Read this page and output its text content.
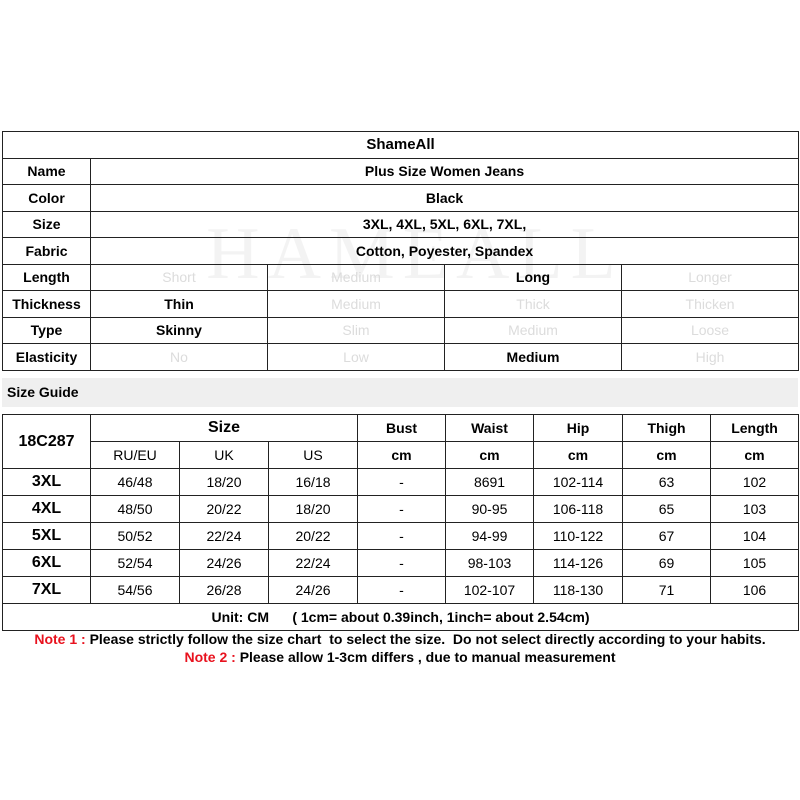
ShameAll				
Name	Plus Size Women Jeans			
Color	Black			
Size	3XL, 4XL, 5XL, 6XL, 7XL,			
Fabric	Cotton, Poyester, Spandex			
Length	Short	Medium	Long	Longer
Thickness	Thin	Medium	Thick	Thicken
Type	Skinny	Slim	Medium	Loose
Elasticity	No	Low	Medium	High
Size Guide
18C287	Size			Bust	Waist	Hip	Thigh	Length
	RU/EU	UK	US	cm	cm	cm	cm	cm
3XL	46/48	18/20	16/18	-	8691	102-114	63	102
4XL	48/50	20/22	18/20	-	90-95	106-118	65	103
5XL	50/52	22/24	20/22	-	94-99	110-122	67	104
6XL	52/54	24/26	22/24	-	98-103	114-126	69	105
7XL	54/56	26/28	24/26	-	102-107	118-130	71	106
Unit: CM      ( 1cm= about 0.39inch, 1inch= about 2.54cm)								
Note 1 : Please strictly follow the size chart  to select the size.  Do not select directly according to your habits.
Note 2 : Please allow 1-3cm differs , due to manual measurement
